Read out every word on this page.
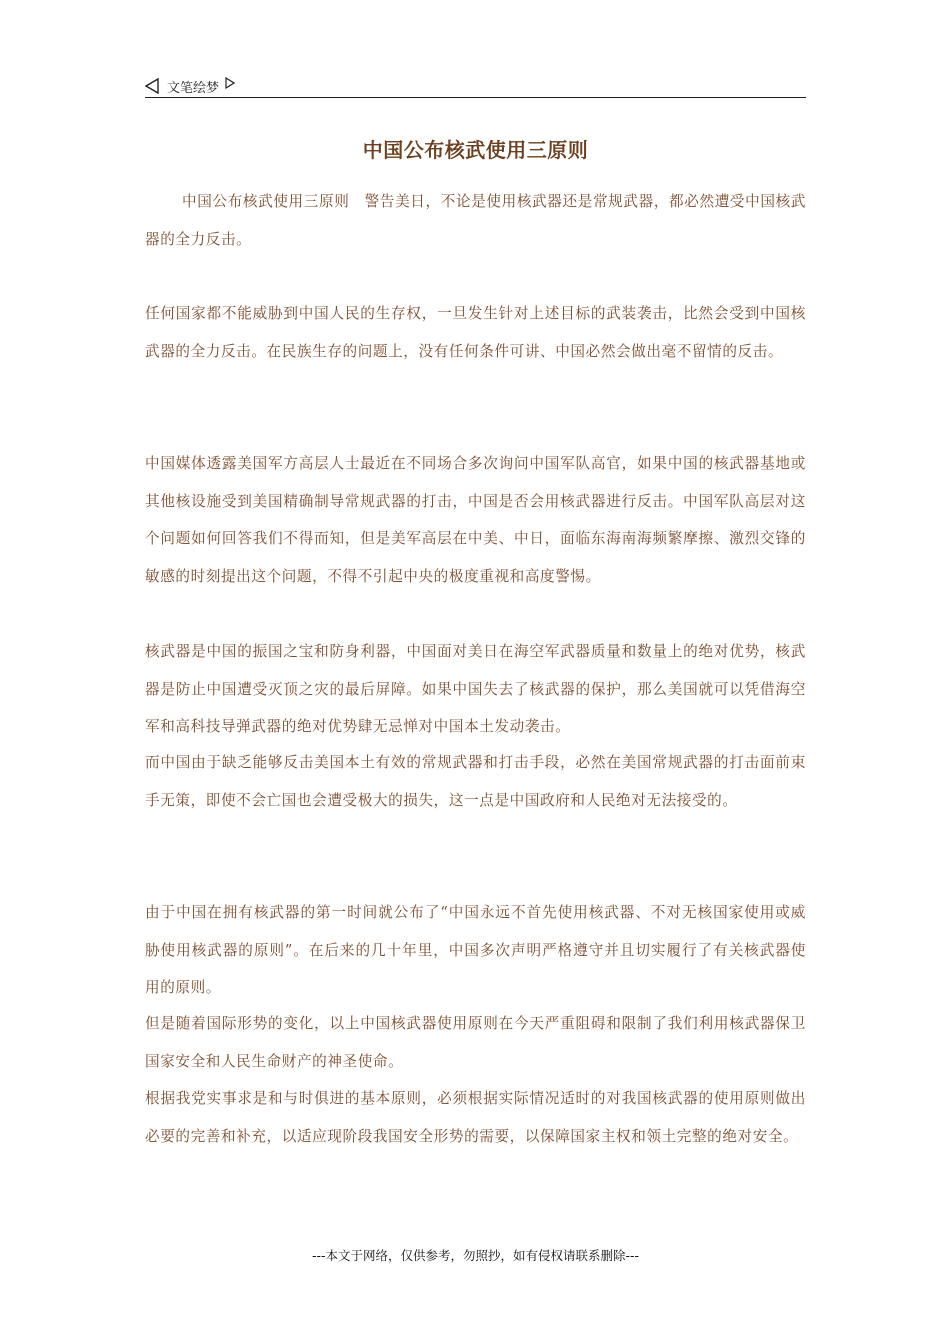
文笔绘梦
中国公布核武使用三原则

中国公布核武使用三原则　警告美日，不论是使用核武器还是常规武器，都必然遭受中国核武器的全力反击。

任何国家都不能威胁到中国人民的生存权，一旦发生针对上述目标的武装袭击，比然会受到中国核武器的全力反击。在民族生存的问题上，没有任何条件可讲、中国必然会做出毫不留情的反击。

中国媒体透露美国军方高层人士最近在不同场合多次询问中国军队高官，如果中国的核武器基地或其他核设施受到美国精确制导常规武器的打击，中国是否会用核武器进行反击。中国军队高层对这个问题如何回答我们不得而知，但是美军高层在中美、中日，面临东海南海频繁摩擦、激烈交锋的敏感的时刻提出这个问题，不得不引起中央的极度重视和高度警惕。

核武器是中国的振国之宝和防身利器，中国面对美日在海空军武器质量和数量上的绝对优势，核武器是防止中国遭受灭顶之灾的最后屏障。如果中国失去了核武器的保护，那么美国就可以凭借海空军和高科技导弹武器的绝对优势肆无忌惮对中国本土发动袭击。

而中国由于缺乏能够反击美国本土有效的常规武器和打击手段，必然在美国常规武器的打击面前束手无策，即使不会亡国也会遭受极大的损失，这一点是中国政府和人民绝对无法接受的。

由于中国在拥有核武器的第一时间就公布了“中国永远不首先使用核武器、不对无核国家使用或威胁使用核武器的原则”。在后来的几十年里，中国多次声明严格遵守并且切实履行了有关核武器使用的原则。

但是随着国际形势的变化，以上中国核武器使用原则在今天严重阻碍和限制了我们利用核武器保卫国家安全和人民生命财产的神圣使命。

根据我党实事求是和与时俱进的基本原则，必须根据实际情况适时的对我国核武器的使用原则做出必要的完善和补充，以适应现阶段我国安全形势的需要，以保障国家主权和领土完整的绝对安全。

---本文于网络，仅供参考，勿照抄，如有侵权请联系删除---
